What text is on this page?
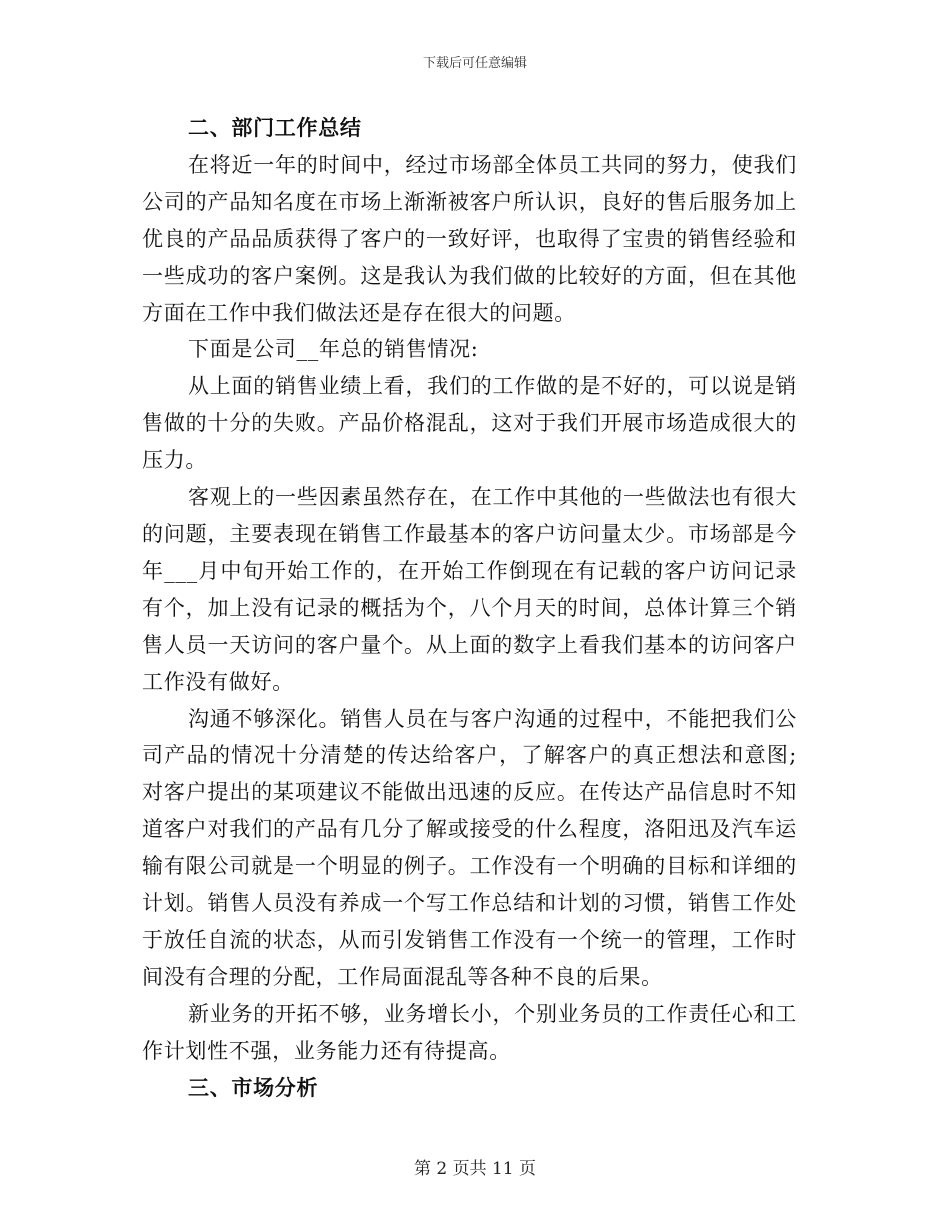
下载后可任意编辑

二、部门工作总结

在将近一年的时间中，经过市场部全体员工共同的努力，使我们公司的产品知名度在市场上渐渐被客户所认识，良好的售后服务加上优良的产品品质获得了客户的一致好评，也取得了宝贵的销售经验和一些成功的客户案例。这是我认为我们做的比较好的方面，但在其他方面在工作中我们做法还是存在很大的问题。

下面是公司__年总的销售情况:

从上面的销售业绩上看，我们的工作做的是不好的，可以说是销售做的十分的失败。产品价格混乱，这对于我们开展市场造成很大的压力。

客观上的一些因素虽然存在，在工作中其他的一些做法也有很大的问题，主要表现在销售工作最基本的客户访问量太少。市场部是今年___月中旬开始工作的，在开始工作倒现在有记载的客户访问记录有个，加上没有记录的概括为个，八个月天的时间，总体计算三个销售人员一天访问的客户量个。从上面的数字上看我们基本的访问客户工作没有做好。

沟通不够深化。销售人员在与客户沟通的过程中，不能把我们公司产品的情况十分清楚的传达给客户，了解客户的真正想法和意图;对客户提出的某项建议不能做出迅速的反应。在传达产品信息时不知道客户对我们的产品有几分了解或接受的什么程度，洛阳迅及汽车运输有限公司就是一个明显的例子。工作没有一个明确的目标和详细的计划。销售人员没有养成一个写工作总结和计划的习惯，销售工作处于放任自流的状态，从而引发销售工作没有一个统一的管理，工作时间没有合理的分配，工作局面混乱等各种不良的后果。

新业务的开拓不够，业务增长小，个别业务员的工作责任心和工作计划性不强，业务能力还有待提高。

三、市场分析

第 2 页共 11 页
